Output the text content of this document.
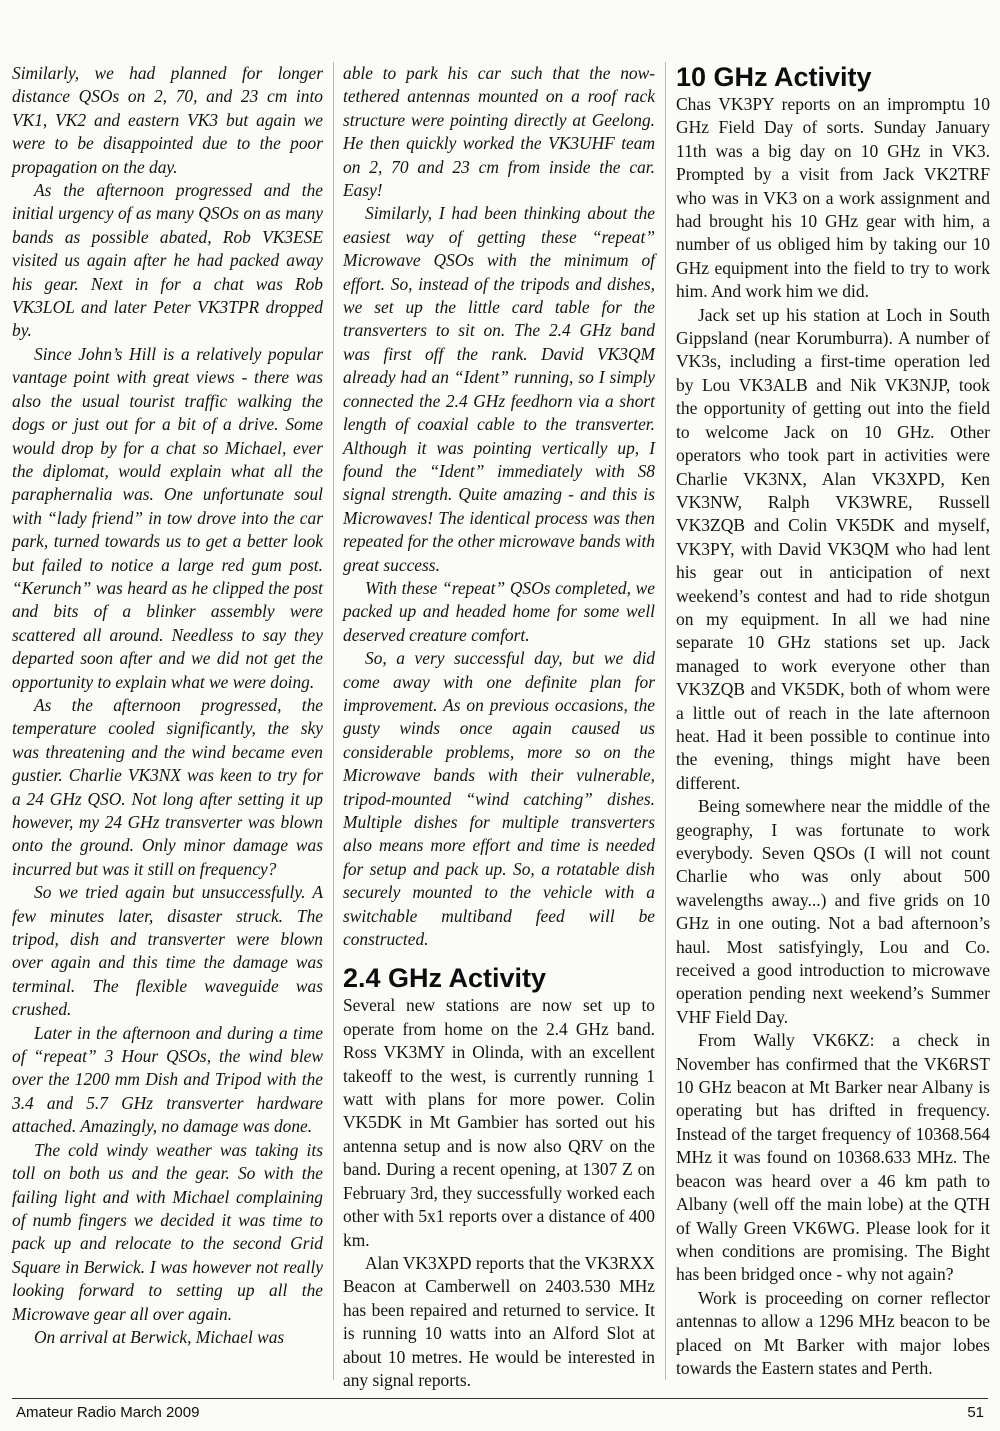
Similarly, we had planned for longer distance QSOs on 2, 70, and 23 cm into VK1, VK2 and eastern VK3 but again we were to be disappointed due to the poor propagation on the day.

As the afternoon progressed and the initial urgency of as many QSOs on as many bands as possible abated, Rob VK3ESE visited us again after he had packed away his gear. Next in for a chat was Rob VK3LOL and later Peter VK3TPR dropped by.

Since John’s Hill is a relatively popular vantage point with great views - there was also the usual tourist traffic walking the dogs or just out for a bit of a drive. Some would drop by for a chat so Michael, ever the diplomat, would explain what all the paraphernalia was. One unfortunate soul with “lady friend” in tow drove into the car park, turned towards us to get a better look but failed to notice a large red gum post. “Kerunch” was heard as he clipped the post and bits of a blinker assembly were scattered all around. Needless to say they departed soon after and we did not get the opportunity to explain what we were doing.

As the afternoon progressed, the temperature cooled significantly, the sky was threatening and the wind became even gustier. Charlie VK3NX was keen to try for a 24 GHz QSO. Not long after setting it up however, my 24 GHz transverter was blown onto the ground. Only minor damage was incurred but was it still on frequency?

So we tried again but unsuccessfully. A few minutes later, disaster struck. The tripod, dish and transverter were blown over again and this time the damage was terminal. The flexible waveguide was crushed.

Later in the afternoon and during a time of “repeat” 3 Hour QSOs, the wind blew over the 1200 mm Dish and Tripod with the 3.4 and 5.7 GHz transverter hardware attached. Amazingly, no damage was done.

The cold windy weather was taking its toll on both us and the gear. So with the failing light and with Michael complaining of numb fingers we decided it was time to pack up and relocate to the second Grid Square in Berwick. I was however not really looking forward to setting up all the Microwave gear all over again.

On arrival at Berwick, Michael was

able to park his car such that the now-tethered antennas mounted on a roof rack structure were pointing directly at Geelong. He then quickly worked the VK3UHF team on 2, 70 and 23 cm from inside the car. Easy!

Similarly, I had been thinking about the easiest way of getting these “repeat” Microwave QSOs with the minimum of effort. So, instead of the tripods and dishes, we set up the little card table for the transverters to sit on. The 2.4 GHz band was first off the rank. David VK3QM already had an “Ident” running, so I simply connected the 2.4 GHz feedhorn via a short length of coaxial cable to the transverter. Although it was pointing vertically up, I found the “Ident” immediately with S8 signal strength. Quite amazing - and this is Microwaves! The identical process was then repeated for the other microwave bands with great success.

With these “repeat” QSOs completed, we packed up and headed home for some well deserved creature comfort.

So, a very successful day, but we did come away with one definite plan for improvement. As on previous occasions, the gusty winds once again caused us considerable problems, more so on the Microwave bands with their vulnerable, tripod-mounted “wind catching” dishes. Multiple dishes for multiple transverters also means more effort and time is needed for setup and pack up. So, a rotatable dish securely mounted to the vehicle with a switchable multiband feed will be constructed.

2.4 GHz Activity

Several new stations are now set up to operate from home on the 2.4 GHz band. Ross VK3MY in Olinda, with an excellent takeoff to the west, is currently running 1 watt with plans for more power. Colin VK5DK in Mt Gambier has sorted out his antenna setup and is now also QRV on the band. During a recent opening, at 1307 Z on February 3rd, they successfully worked each other with 5x1 reports over a distance of 400 km.

Alan VK3XPD reports that the VK3RXX Beacon at Camberwell on 2403.530 MHz has been repaired and returned to service. It is running 10 watts into an Alford Slot at about 10 metres. He would be interested in any signal reports.

10 GHz Activity

Chas VK3PY reports on an impromptu 10 GHz Field Day of sorts. Sunday January 11th was a big day on 10 GHz in VK3. Prompted by a visit from Jack VK2TRF who was in VK3 on a work assignment and had brought his 10 GHz gear with him, a number of us obliged him by taking our 10 GHz equipment into the field to try to work him. And work him we did.

Jack set up his station at Loch in South Gippsland (near Korumburra). A number of VK3s, including a first-time operation led by Lou VK3ALB and Nik VK3NJP, took the opportunity of getting out into the field to welcome Jack on 10 GHz. Other operators who took part in activities were Charlie VK3NX, Alan VK3XPD, Ken VK3NW, Ralph VK3WRE, Russell VK3ZQB and Colin VK5DK and myself, VK3PY, with David VK3QM who had lent his gear out in anticipation of next weekend’s contest and had to ride shotgun on my equipment. In all we had nine separate 10 GHz stations set up. Jack managed to work everyone other than VK3ZQB and VK5DK, both of whom were a little out of reach in the late afternoon heat. Had it been possible to continue into the evening, things might have been different.

Being somewhere near the middle of the geography, I was fortunate to work everybody. Seven QSOs (I will not count Charlie who was only about 500 wavelengths away...) and five grids on 10 GHz in one outing. Not a bad afternoon’s haul. Most satisfyingly, Lou and Co. received a good introduction to microwave operation pending next weekend’s Summer VHF Field Day.

From Wally VK6KZ: a check in November has confirmed that the VK6RST 10 GHz beacon at Mt Barker near Albany is operating but has drifted in frequency. Instead of the target frequency of 10368.564 MHz it was found on 10368.633 MHz. The beacon was heard over a 46 km path to Albany (well off the main lobe) at the QTH of Wally Green VK6WG. Please look for it when conditions are promising. The Bight has been bridged once - why not again?

Work is proceeding on corner reflector antennas to allow a 1296 MHz beacon to be placed on Mt Barker with major lobes towards the Eastern states and Perth.

Amateur Radio March 2009	51
